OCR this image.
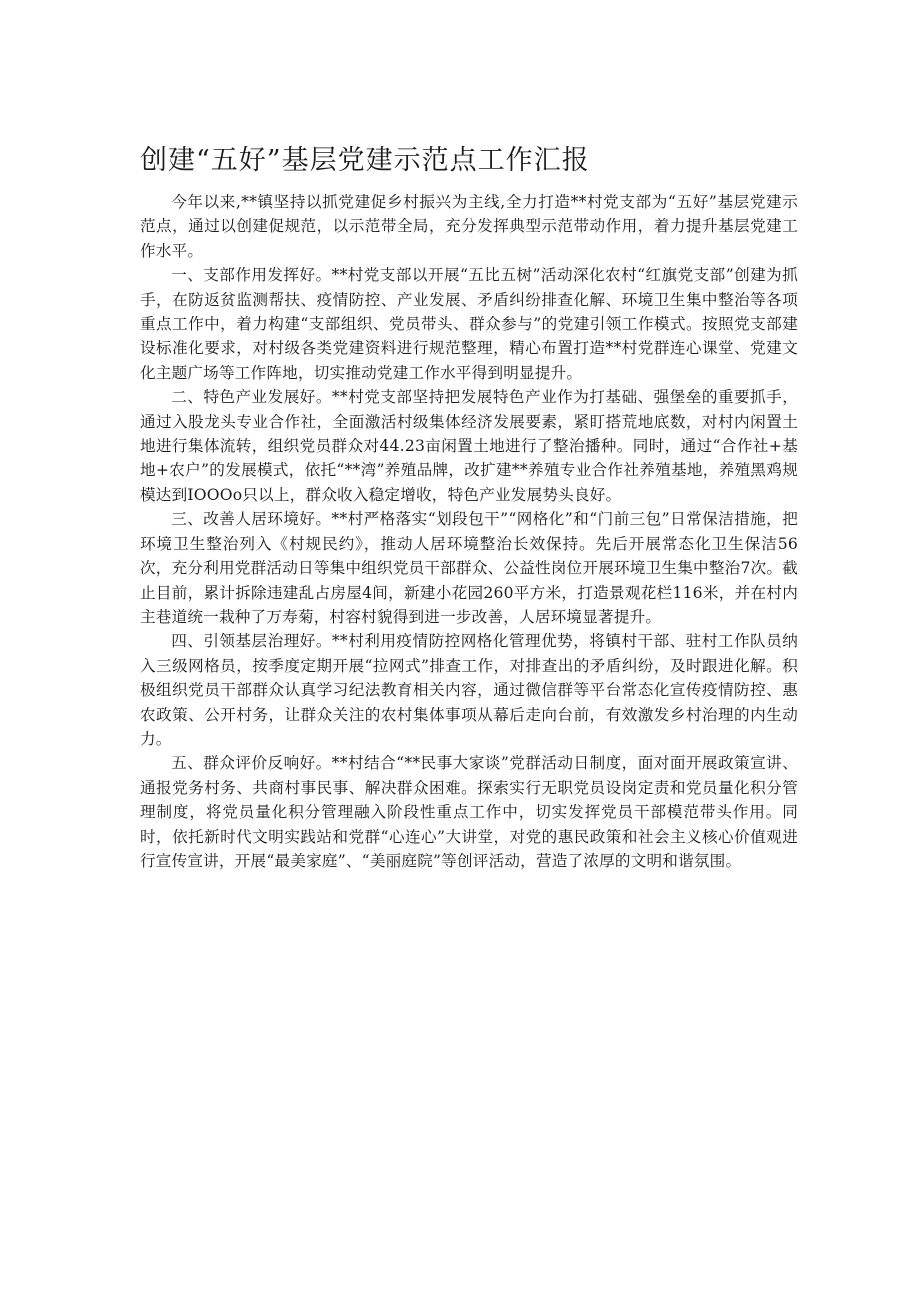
创建“五好”基层党建示范点工作汇报

今年以来,**镇坚持以抓党建促乡村振兴为主线,全力打造**村党支部为“五好”基层党建示范点，通过以创建促规范，以示范带全局，充分发挥典型示范带动作用，着力提升基层党建工作水平。

一、支部作用发挥好。**村党支部以开展“五比五树”活动深化农村“红旗党支部”创建为抓手，在防返贫监测帮扶、疫情防控、产业发展、矛盾纠纷排查化解、环境卫生集中整治等各项重点工作中，着力构建“支部组织、党员带头、群众参与”的党建引领工作模式。按照党支部建设标准化要求，对村级各类党建资料进行规范整理，精心布置打造**村党群连心课堂、党建文化主题广场等工作阵地，切实推动党建工作水平得到明显提升。

二、特色产业发展好。**村党支部坚持把发展特色产业作为打基础、强堡垒的重要抓手，通过入股龙头专业合作社，全面激活村级集体经济发展要素，紧盯搭荒地底数，对村内闲置土地进行集体流转，组织党员群众对44.23亩闲置土地进行了整治播种。同时，通过“合作社+基地+农户”的发展模式，依托“**湾”养殖品牌，改扩建**养殖专业合作社养殖基地，养殖黑鸡规模达到IOOOo只以上，群众收入稳定增收，特色产业发展势头良好。

三、改善人居环境好。**村严格落实“划段包干”“网格化”和“门前三包”日常保洁措施，把环境卫生整治列入《村规民约》，推动人居环境整治长效保持。先后开展常态化卫生保洁56次，充分利用党群活动日等集中组织党员干部群众、公益性岗位开展环境卫生集中整治7次。截止目前，累计拆除违建乱占房屋4间，新建小花园260平方米，打造景观花栏116米，并在村内主巷道统一栽种了万寿菊，村容村貌得到进一步改善，人居环境显著提升。

四、引领基层治理好。**村利用疫情防控网格化管理优势，将镇村干部、驻村工作队员纳入三级网格员，按季度定期开展“拉网式”排查工作，对排查出的矛盾纠纷，及时跟进化解。积极组织党员干部群众认真学习纪法教育相关内容，通过微信群等平台常态化宣传疫情防控、惠农政策、公开村务，让群众关注的农村集体事项从幕后走向台前，有效激发乡村治理的内生动力。

五、群众评价反响好。**村结合“**民事大家谈”党群活动日制度，面对面开展政策宣讲、通报党务村务、共商村事民事、解决群众困难。探索实行无职党员设岗定责和党员量化积分管理制度，将党员量化积分管理融入阶段性重点工作中，切实发挥党员干部模范带头作用。同时，依托新时代文明实践站和党群“心连心”大讲堂，对党的惠民政策和社会主义核心价值观进行宣传宣讲，开展“最美家庭”、“美丽庭院”等创评活动，营造了浓厚的文明和谐氛围。
